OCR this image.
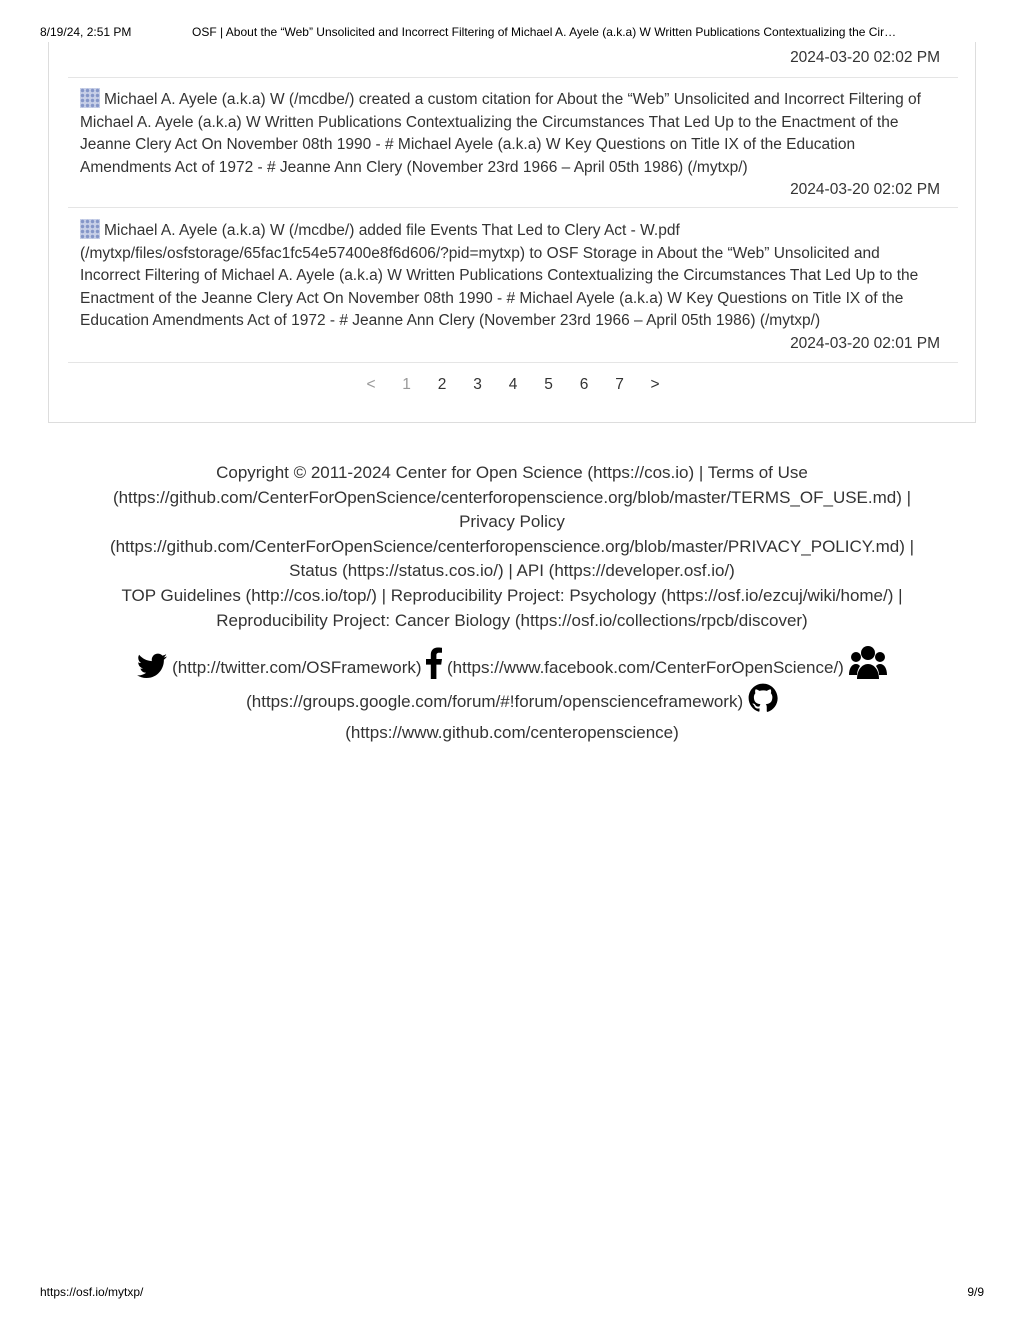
8/19/24, 2:51 PM	OSF | About the “Web” Unsolicited and Incorrect Filtering of Michael A. Ayele (a.k.a) W Written Publications Contextualizing the Cir…
2024-03-20 02:02 PM
Michael A. Ayele (a.k.a) W (/mcdbe/) created a custom citation for About the “Web” Unsolicited and Incorrect Filtering of Michael A. Ayele (a.k.a) W Written Publications Contextualizing the Circumstances That Led Up to the Enactment of the Jeanne Clery Act On November 08th 1990 - # Michael Ayele (a.k.a) W Key Questions on Title IX of the Education Amendments Act of 1972 - # Jeanne Ann Clery (November 23rd 1966 – April 05th 1986) (/mytxp/)
2024-03-20 02:02 PM
Michael A. Ayele (a.k.a) W (/mcdbe/) added file Events That Led to Clery Act - W.pdf (/mytxp/files/osfstorage/65fac1fc54e57400e8f6d606/?pid=mytxp) to OSF Storage in About the “Web” Unsolicited and Incorrect Filtering of Michael A. Ayele (a.k.a) W Written Publications Contextualizing the Circumstances That Led Up to the Enactment of the Jeanne Clery Act On November 08th 1990 - # Michael Ayele (a.k.a) W Key Questions on Title IX of the Education Amendments Act of 1972 - # Jeanne Ann Clery (November 23rd 1966 – April 05th 1986) (/mytxp/)
2024-03-20 02:01 PM
< 1 2 3 4 5 6 7 >
Copyright © 2011-2024 Center for Open Science (https://cos.io) | Terms of Use
(https://github.com/CenterForOpenScience/centerforopenscience.org/blob/master/TERMS_OF_USE.md) |
Privacy Policy
(https://github.com/CenterForOpenScience/centerforopenscience.org/blob/master/PRIVACY_POLICY.md) |
Status (https://status.cos.io/) | API (https://developer.osf.io/)
TOP Guidelines (http://cos.io/top/) | Reproducibility Project: Psychology (https://osf.io/ezcuj/wiki/home/) |
Reproducibility Project: Cancer Biology (https://osf.io/collections/rpcb/discover)
(http://twitter.com/OSFramework) (https://www.facebook.com/CenterForOpenScience/)
(https://groups.google.com/forum/#!forum/openscienceframework)
(https://www.github.com/centeropenscience)
https://osf.io/mytxp/	9/9
